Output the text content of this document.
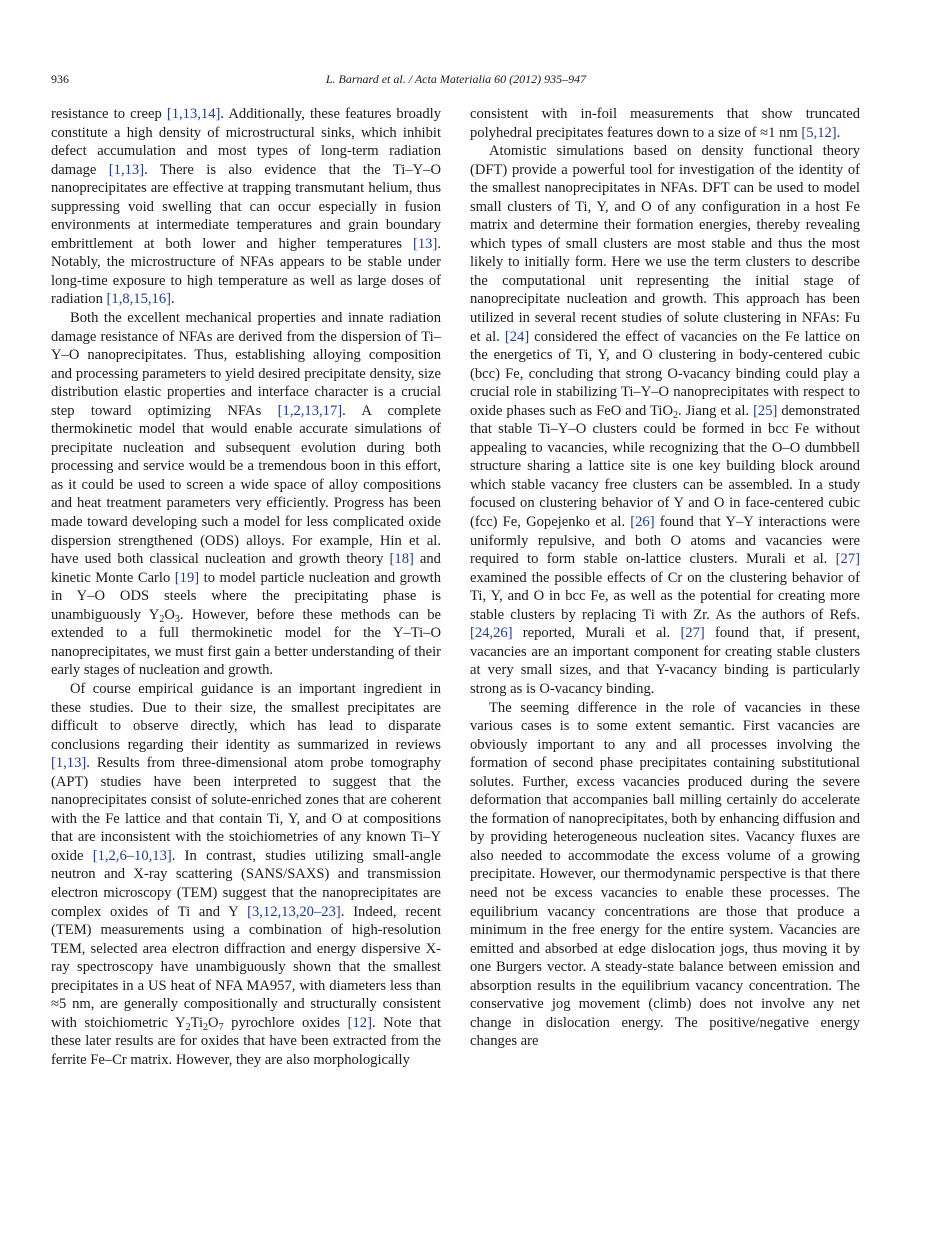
936	L. Barnard et al. / Acta Materialia 60 (2012) 935–947

resistance to creep [1,13,14]. Additionally, these features broadly constitute a high density of microstructural sinks, which inhibit defect accumulation and most types of long-term radiation damage [1,13]. There is also evidence that the Ti–Y–O nanoprecipitates are effective at trapping transmutant helium, thus suppressing void swelling that can occur especially in fusion environments at intermediate temperatures and grain boundary embrittlement at both lower and higher temperatures [13]. Notably, the microstructure of NFAs appears to be stable under long-time exposure to high temperature as well as large doses of radiation [1,8,15,16].

Both the excellent mechanical properties and innate radiation damage resistance of NFAs are derived from the dispersion of Ti–Y–O nanoprecipitates. Thus, establishing alloying composition and processing parameters to yield desired precipitate density, size distribution elastic properties and interface character is a crucial step toward optimizing NFAs [1,2,13,17]. A complete thermokinetic model that would enable accurate simulations of precipitate nucleation and subsequent evolution during both processing and service would be a tremendous boon in this effort, as it could be used to screen a wide space of alloy compositions and heat treatment parameters very efficiently. Progress has been made toward developing such a model for less complicated oxide dispersion strengthened (ODS) alloys. For example, Hin et al. have used both classical nucleation and growth theory [18] and kinetic Monte Carlo [19] to model particle nucleation and growth in Y–O ODS steels where the precipitating phase is unambiguously $Y_2O_3$. However, before these methods can be extended to a full thermokinetic model for the Y–Ti–O nanoprecipitates, we must first gain a better understanding of their early stages of nucleation and growth.

Of course empirical guidance is an important ingredient in these studies. Due to their size, the smallest precipitates are difficult to observe directly, which has lead to disparate conclusions regarding their identity as summarized in reviews [1,13]. Results from three-dimensional atom probe tomography (APT) studies have been interpreted to suggest that the nanoprecipitates consist of solute-enriched zones that are coherent with the Fe lattice and that contain Ti, Y, and O at compositions that are inconsistent with the stoichiometries of any known Ti–Y oxide [1,2,6–10,13]. In contrast, studies utilizing small-angle neutron and X-ray scattering (SANS/SAXS) and transmission electron microscopy (TEM) suggest that the nanoprecipitates are complex oxides of Ti and Y [3,12,13,20–23]. Indeed, recent (TEM) measurements using a combination of high-resolution TEM, selected area electron diffraction and energy dispersive X-ray spectroscopy have unambiguously shown that the smallest precipitates in a US heat of NFA MA957, with diameters less than ≈5 nm, are generally compositionally and structurally consistent with stoichiometric $Y_2Ti_2O_7$ pyrochlore oxides [12]. Note that these later results are for oxides that have been extracted from the ferrite Fe–Cr matrix. However, they are also morphologically

consistent with in-foil measurements that show truncated polyhedral precipitates features down to a size of ≈1 nm [5,12].

Atomistic simulations based on density functional theory (DFT) provide a powerful tool for investigation of the identity of the smallest nanoprecipitates in NFAs. DFT can be used to model small clusters of Ti, Y, and O of any configuration in a host Fe matrix and determine their formation energies, thereby revealing which types of small clusters are most stable and thus the most likely to initially form. Here we use the term clusters to describe the computational unit representing the initial stage of nanoprecipitate nucleation and growth. This approach has been utilized in several recent studies of solute clustering in NFAs: Fu et al. [24] considered the effect of vacancies on the Fe lattice on the energetics of Ti, Y, and O clustering in body-centered cubic (bcc) Fe, concluding that strong O-vacancy binding could play a crucial role in stabilizing Ti–Y–O nanoprecipitates with respect to oxide phases such as FeO and TiO$_2$. Jiang et al. [25] demonstrated that stable Ti–Y–O clusters could be formed in bcc Fe without appealing to vacancies, while recognizing that the O–O dumbbell structure sharing a lattice site is one key building block around which stable vacancy free clusters can be assembled. In a study focused on clustering behavior of Y and O in face-centered cubic (fcc) Fe, Gopejenko et al. [26] found that Y–Y interactions were uniformly repulsive, and both O atoms and vacancies were required to form stable on-lattice clusters. Murali et al. [27] examined the possible effects of Cr on the clustering behavior of Ti, Y, and O in bcc Fe, as well as the potential for creating more stable clusters by replacing Ti with Zr. As the authors of Refs. [24,26] reported, Murali et al. [27] found that, if present, vacancies are an important component for creating stable clusters at very small sizes, and that Y-vacancy binding is particularly strong as is O-vacancy binding.

The seeming difference in the role of vacancies in these various cases is to some extent semantic. First vacancies are obviously important to any and all processes involving the formation of second phase precipitates containing substitutional solutes. Further, excess vacancies produced during the severe deformation that accompanies ball milling certainly do accelerate the formation of nanoprecipitates, both by enhancing diffusion and by providing heterogeneous nucleation sites. Vacancy fluxes are also needed to accommodate the excess volume of a growing precipitate. However, our thermodynamic perspective is that there need not be excess vacancies to enable these processes. The equilibrium vacancy concentrations are those that produce a minimum in the free energy for the entire system. Vacancies are emitted and absorbed at edge dislocation jogs, thus moving it by one Burgers vector. A steady-state balance between emission and absorption results in the equilibrium vacancy concentration. The conservative jog movement (climb) does not involve any net change in dislocation energy. The positive/negative energy changes are
